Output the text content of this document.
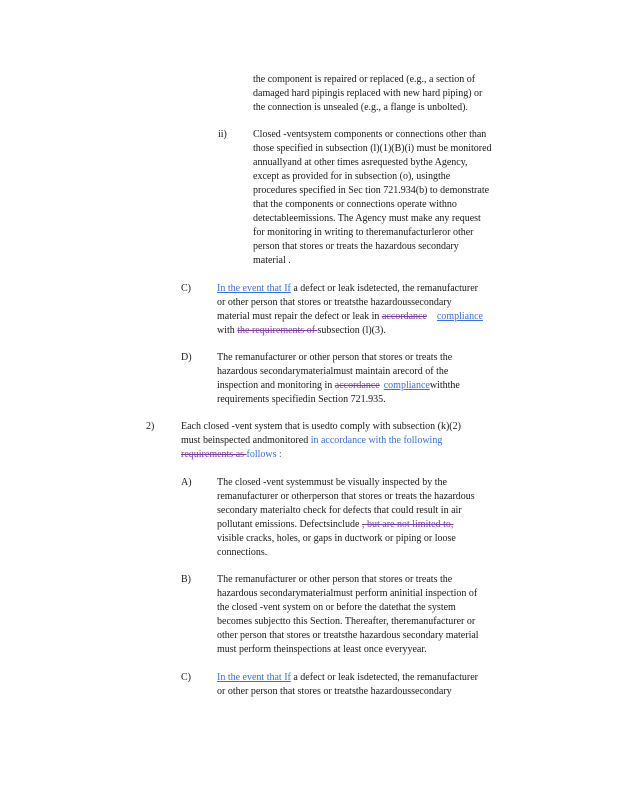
the component is repaired or replaced (e.g., a section of
damaged hard pipingis replaced with new hard piping) or
the connection is unsealed (e.g., a flange is unbolted).
ii)	Closed -ventsystem components or connections other than
those specified in subsection (l)(1)(B)(i) must be monitored
annuallyand at other times asrequested bythe Agency,
except as provided for in subsection (o), usingthe
procedures specified in Sec tion 721.934(b) to demonstrate
that the components or connections operate withno
detectableemissions. The Agency must make any request
for monitoring in writing to theremanufacturleror other
person that stores or treats the hazardous secondary
material .
C)	In the event that If a defect or leak isdetected, the remanufacturer
or other person that stores or treatsthe hazardoussecondary
material must repair the defect or leak in accordance compliance
with the requirements of subsection (l)(3).
D)	The remanufacturer or other person that stores or treats the
hazardous secondarymaterialmust maintain arecord of the
inspection and monitoring in accordance compliancewiththe
requirements specifiedin Section 721.935.
2)	Each closed -vent system that is usedto comply with subsection (k)(2)
must beinspected andmonitored in accordance with the following
requirements as follows :
A)	The closed -vent systemmust be visually inspected by the
remanufacturer or otherperson that stores or treats the hazardous
secondary materialto check for defects that could result in air
pollutant emissions. Defectsinclude , but are not limited to,
visible cracks, holes, or gaps in ductwork or piping or loose
connections.
B)	The remanufacturer or other person that stores or treats the
hazardous secondarymaterialmust perform aninitial inspection of
the closed -vent system on or before the datethat the system
becomes subjectto this Section. Thereafter, theremanufacturer or
other person that stores or treatsthe hazardous secondary material
must perform theinspections at least once everyyear.
C)	In the event that If a defect or leak isdetected, the remanufacturer
or other person that stores or treatsthe hazardoussecondary
